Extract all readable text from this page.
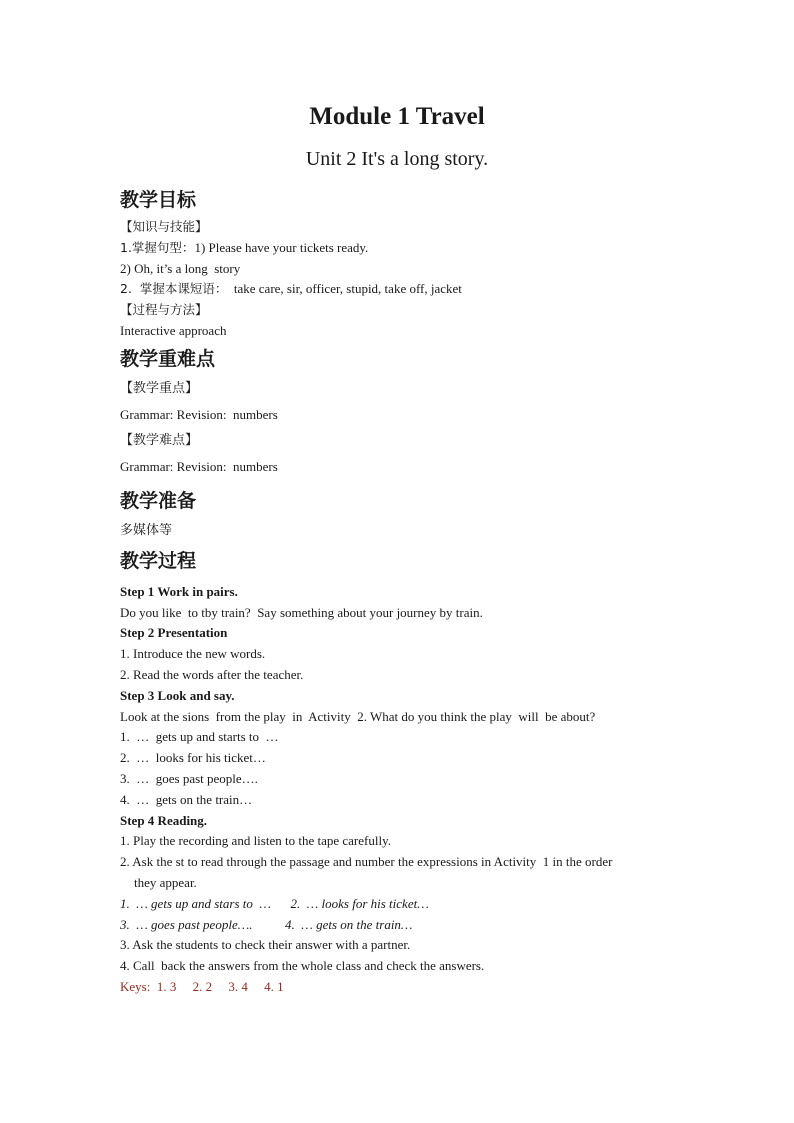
Module 1 Travel
Unit 2 It's a long story.

教学目标

【知识与技能】

1.掌握句型：1) Please have your tickets ready.

2) Oh, it’s a long  story

2.  掌握本课短语：  take care, sir, officer, stupid, take off, jacket

【过程与方法】

Interactive approach

教学重难点

【教学重点】

Grammar: Revision:  numbers

【教学难点】

Grammar: Revision:  numbers

教学准备

多媒体等

教学过程

Step 1 Work in pairs.

Do you like  to tby train?  Say something about your journey by train.

Step 2 Presentation

1. Introduce the new words.

2. Read the words after the teacher.

Step 3 Look and say.

Look at the sions  from the play  in  Activity  2. What do you think the play  will  be about?

1.  …  gets up and starts to  …

2.  …  looks for his ticket…

3.  …  goes past people….

4.  …  gets on the train…

Step 4 Reading.

1. Play the recording and listen to the tape carefully.

2. Ask the st to read through the passage and number the expressions in Activity  1 in the order

they appear.

1.  … gets up and stars to  …      2.  … looks for his ticket…

3.  … goes past people….          4.  … gets on the train…

3. Ask the students to check their answer with a partner.

4. Call  back the answers from the whole class and check the answers.

Keys:  1. 3     2. 2     3. 4     4. 1
